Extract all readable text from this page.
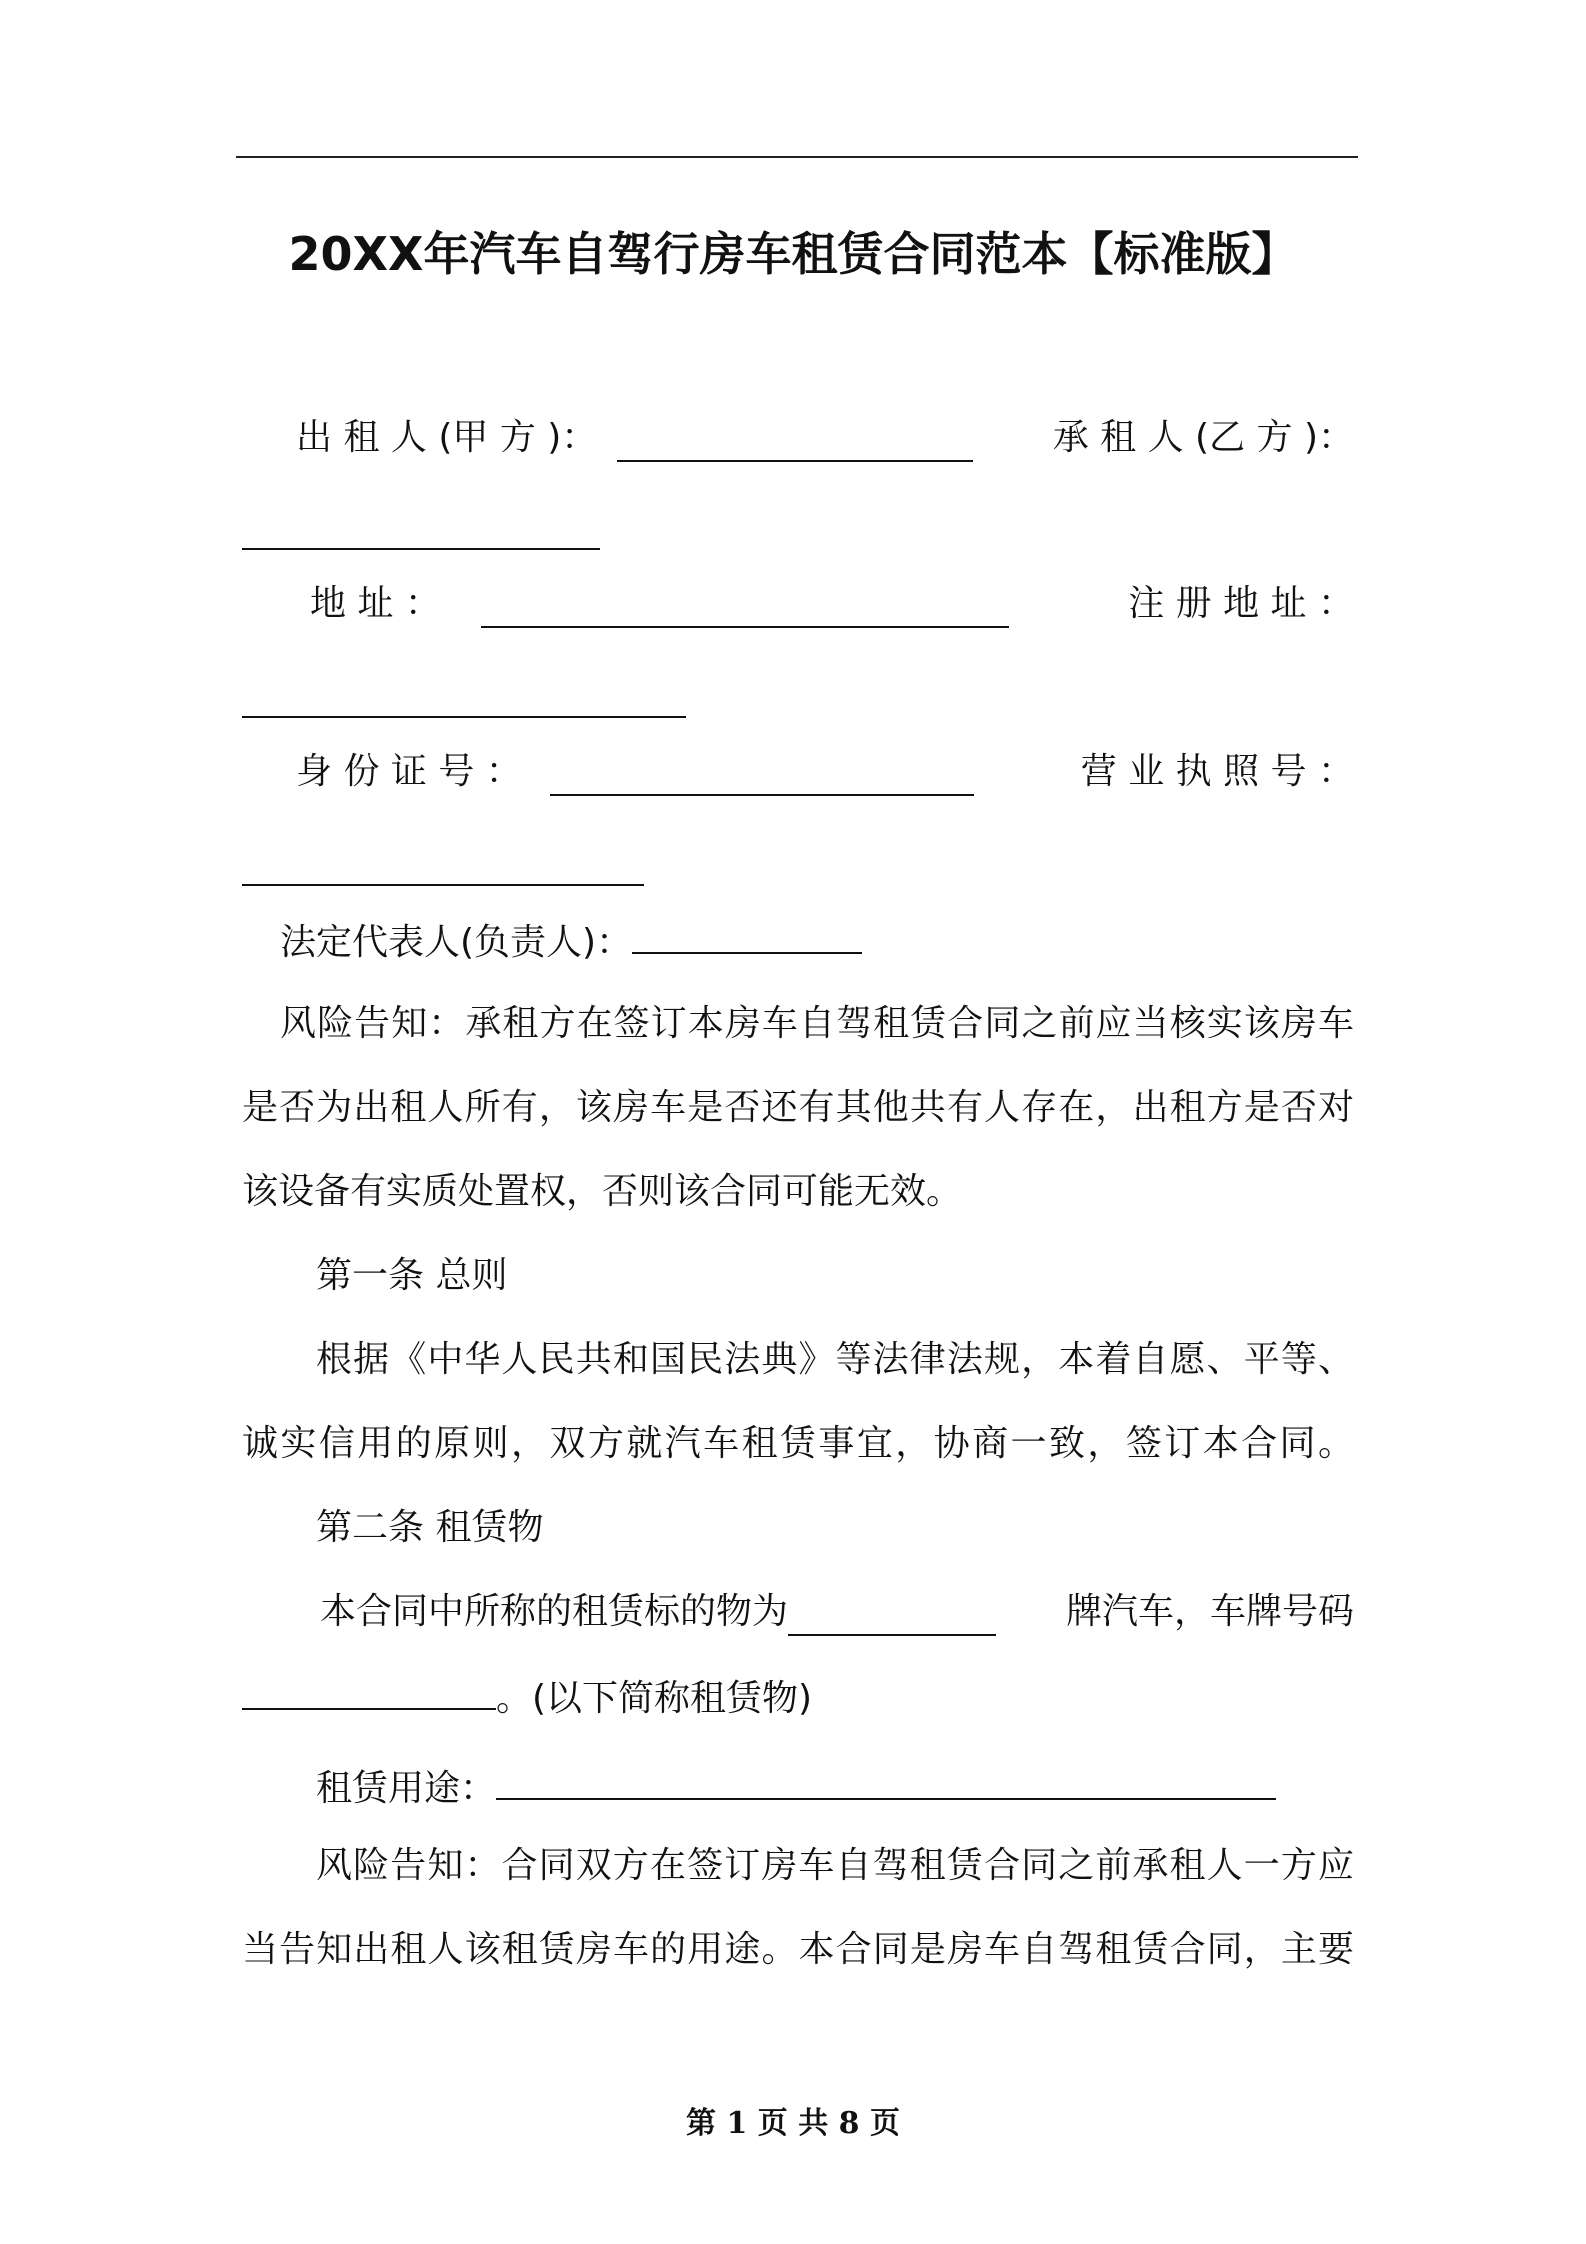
20XX年汽车自驾行房车租赁合同范本【标准版】
出 租 人 (甲 方 )：	承 租 人 (乙 方 )：
地 址 ：	注 册 地 址 ：
身 份 证 号 ：	营 业 执 照 号 ：
法定代表人(负责人)：
风险告知：承租方在签订本房车自驾租赁合同之前应当核实该房车
是否为出租人所有，该房车是否还有其他共有人存在，出租方是否对
该设备有实质处置权，否则该合同可能无效。
第一条 总则
根据《中华人民共和国民法典》等法律法规，本着自愿、平等、
诚实信用的原则，双方就汽车租赁事宜，协商一致，签订本合同。
第二条 租赁物
本合同中所称的租赁标的物为	牌汽车，车牌号码
。(以下简称租赁物)
租赁用途：
风险告知：合同双方在签订房车自驾租赁合同之前承租人一方应
当告知出租人该租赁房车的用途。本合同是房车自驾租赁合同，主要
第 1 页 共 8 页
